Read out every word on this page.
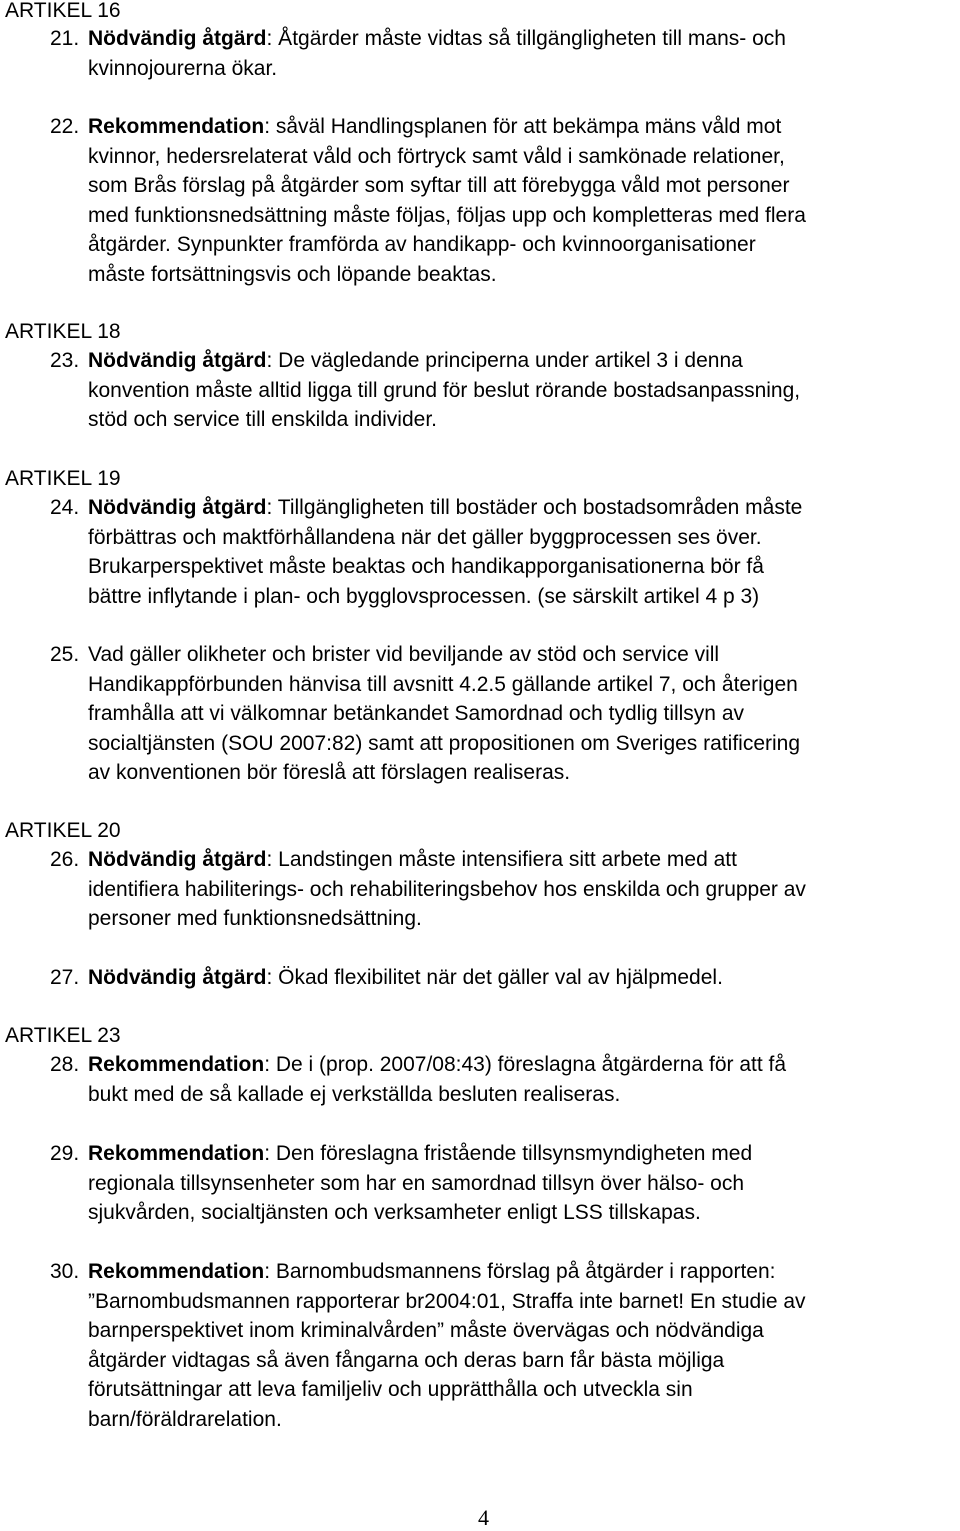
ARTIKEL 16
21. Nödvändig åtgärd: Åtgärder måste vidtas så tillgängligheten till mans- och
kvinnojourerna ökar.
22. Rekommendation: såväl Handlingsplanen för att bekämpa mäns våld mot
kvinnor, hedersrelaterat våld och förtryck samt våld i samkönade relationer,
som Brås förslag på åtgärder som syftar till att förebygga våld mot personer
med funktionsnedsättning måste följas, följas upp och kompletteras med flera
åtgärder. Synpunkter framförda av handikapp- och kvinnoorganisationer
måste fortsättningsvis och löpande beaktas.
ARTIKEL 18
23. Nödvändig åtgärd: De vägledande principerna under artikel 3 i denna
konvention måste alltid ligga till grund för beslut rörande bostadsanpassning,
stöd och service till enskilda individer.
ARTIKEL 19
24. Nödvändig åtgärd: Tillgängligheten till bostäder och bostadsområden måste
förbättras och maktförhållandena när det gäller byggprocessen ses över.
Brukarperspektivet måste beaktas och handikapporganisationerna bör få
bättre inflytande i plan- och bygglovsprocessen. (se särskilt artikel 4 p 3)
25. Vad gäller olikheter och brister vid beviljande av stöd och service vill
Handikappförbunden hänvisa till avsnitt 4.2.5 gällande artikel 7, och återigen
framhålla att vi välkomnar betänkandet Samordnad och tydlig tillsyn av
socialtjänsten (SOU 2007:82) samt att propositionen om Sveriges ratificering
av konventionen bör föreslå att förslagen realiseras.
ARTIKEL 20
26. Nödvändig åtgärd: Landstingen måste intensifiera sitt arbete med att
identifiera habiliterings- och rehabiliteringsbehov hos enskilda och grupper av
personer med funktionsnedsättning.
27. Nödvändig åtgärd: Ökad flexibilitet när det gäller val av hjälpmedel.
ARTIKEL 23
28. Rekommendation: De i (prop. 2007/08:43) föreslagna åtgärderna för att få
bukt med de så kallade ej verkställda besluten realiseras.
29. Rekommendation: Den föreslagna fristående tillsynsmyndigheten med
regionala tillsynsenheter som har en samordnad tillsyn över hälso- och
sjukvården, socialtjänsten och verksamheter enligt LSS tillskapas.
30. Rekommendation: Barnombudsmannens förslag på åtgärder i rapporten:
”Barnombudsmannen rapporterar br2004:01, Straffa inte barnet! En studie av
barnperspektivet inom kriminalvården” måste övervägas och nödvändiga
åtgärder vidtagas så även fångarna och deras barn får bästa möjliga
förutsättningar att leva familjeliv och upprätthålla och utveckla sin
barn/föräldrarelation.
4
